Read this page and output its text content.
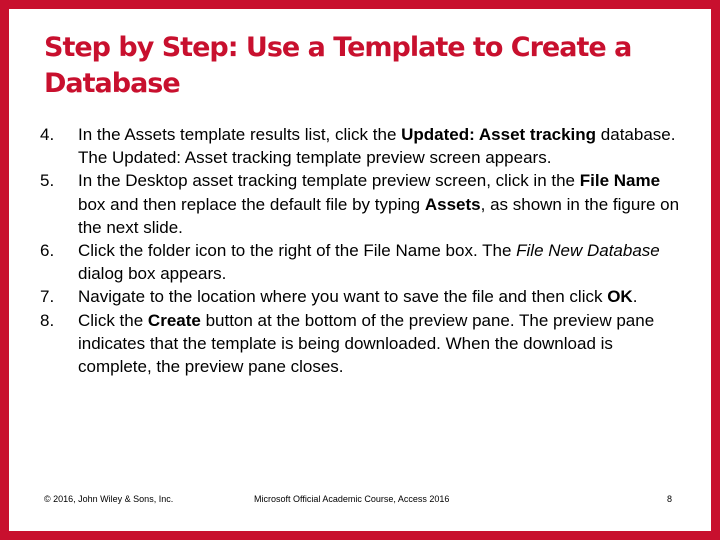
Step by Step: Use a Template to Create a Database
4. In the Assets template results list, click the Updated: Asset tracking database. The Updated: Asset tracking template preview screen appears.
5. In the Desktop asset tracking template preview screen, click in the File Name box and then replace the default file by typing Assets, as shown in the figure on the next slide.
6. Click the folder icon to the right of the File Name box. The File New Database dialog box appears.
7. Navigate to the location where you want to save the file and then click OK.
8. Click the Create button at the bottom of the preview pane. The preview pane indicates that the template is being downloaded. When the download is complete, the preview pane closes.
© 2016, John Wiley & Sons, Inc.	Microsoft Official Academic Course, Access 2016	8
